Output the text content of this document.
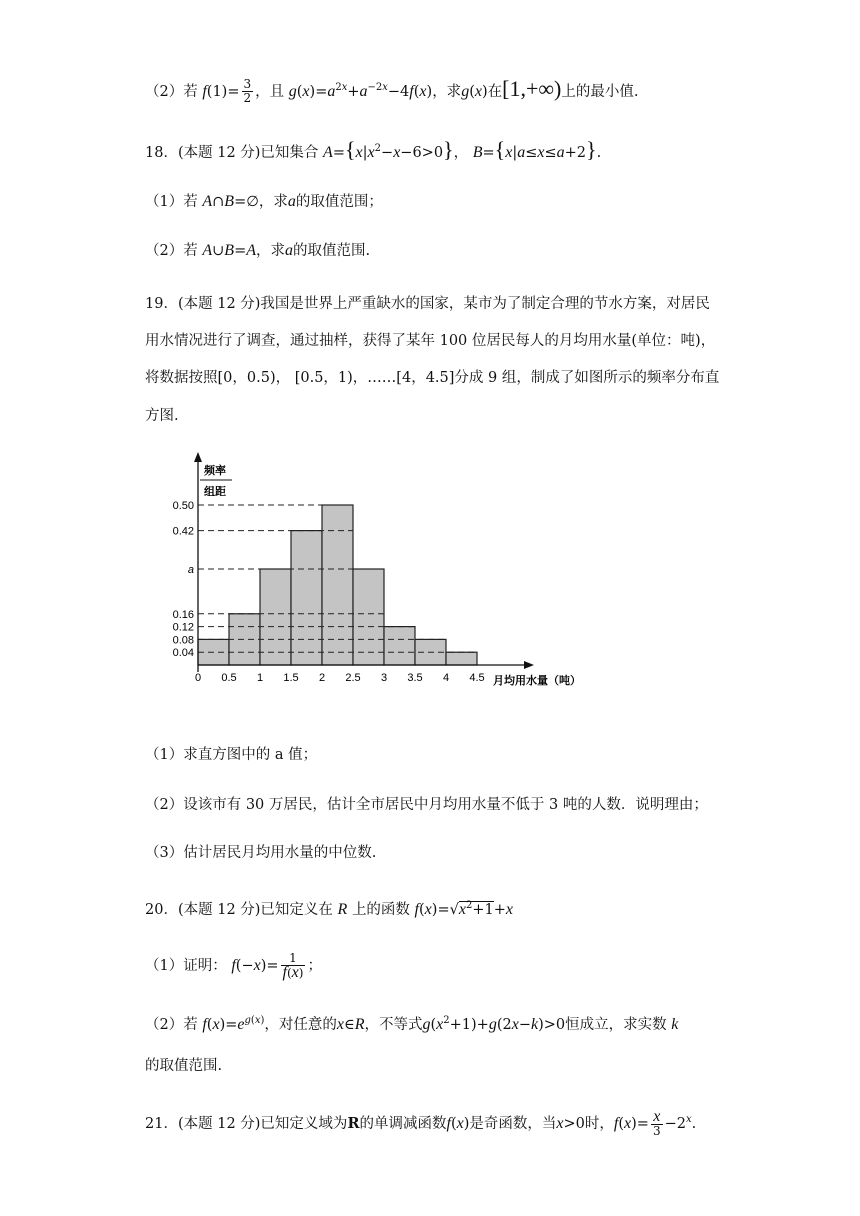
（2）若 $f(1)= \frac{3}{2}$ ，且 $g(x)=a^{2x}+a^{-2x}-4f(x)$，求g(x)在[1,+∞)上的最小值.
18．(本题 12 分)已知集合 $A=\{x|x^2-x-6>0\}$， B={x|a≤x≤a+2}.
（1）若 A∩B=∅，求a的取值范围；
（2）若 A∪B=A，求a的取值范围.
19．(本题 12 分)我国是世界上严重缺水的国家，某市为了制定合理的节水方案，对居民
用水情况进行了调查，通过抽样，获得了某年 100 位居民每人的月均用水量(单位：吨)，
将数据按照[0，0.5)， [0.5，1)，……[4，4.5]分成 9 组，制成了如图所示的频率分布直
方图.
频率
组距
月均用水量（吨）
0.04
0.08
0.12
0.16
a
0.42
0.50
0 0.5 1 1.5 2 2.5 3 3.5 4 4.5
（1）求直方图中的 a 值；
（2）设该市有 30 万居民，估计全市居民中月均用水量不低于 3 吨的人数．说明理由；
（3）估计居民月均用水量的中位数.
20．(本题 12 分)已知定义在 R 上的函数 $f(x)=√x^2+1+x$
（1）证明： $f(-x)= \frac{1}{f(x)}$ ；
（2）若 $f(x)=e^{g(x)}$，对任意的x∈R，不等式$g(x^2+1)+g(2x-k)>0$恒成立，求实数 k
的取值范围.
21．(本题 12 分)已知定义域为R的单调减函数f(x)是奇函数，当x>0时，$f(x)= \frac{x}{3} -2^x$.
